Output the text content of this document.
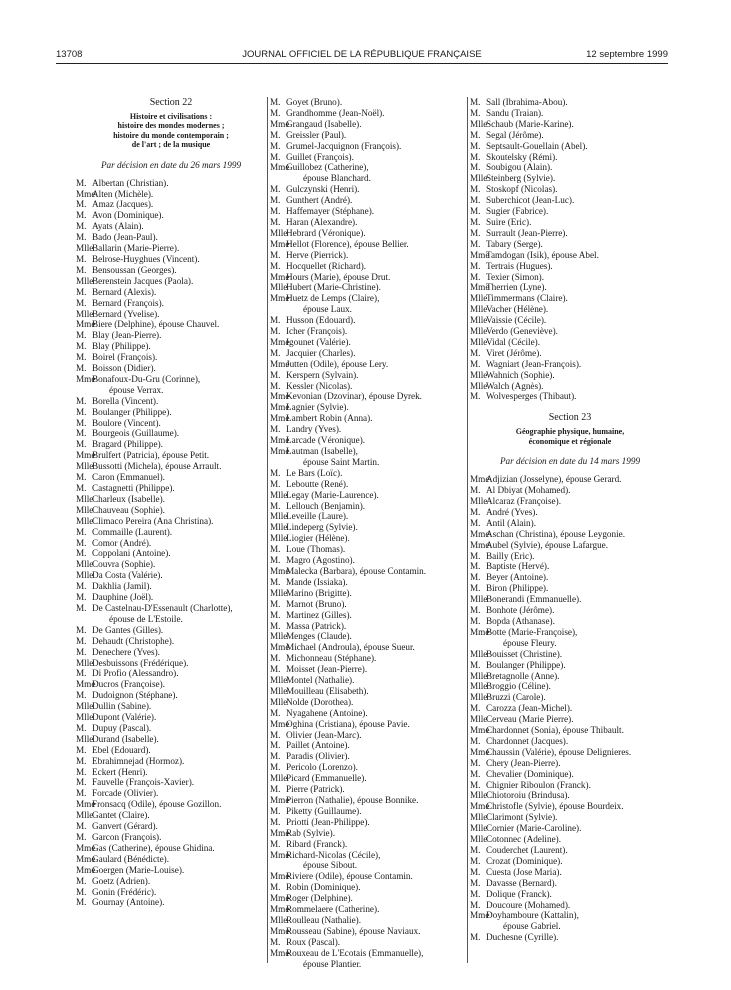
13708	JOURNAL OFFICIEL DE LA RÉPUBLIQUE FRANÇAISE	12 septembre 1999
Section 22
Histoire et civilisations :
histoire des mondes modernes ;
histoire du monde contemporain ;
de l'art ; de la musique
Par décision en date du 26 mars 1999
M. Albertan (Christian).
MmeAlten (Michèle).
M. Amaz (Jacques).
M. Avon (Dominique).
M. Ayats (Alain).
M. Bado (Jean-Paul).
MlleBallarin (Marie-Pierre).
M. Belrose-Huyghues (Vincent).
M. Bensoussan (Georges).
MlleBerenstein Jacques (Paola).
M. Bernard (Alexis).
M. Bernard (François).
MlleBernard (Yvelise).
MmeBiere (Delphine), épouse Chauvel.
M. Blay (Jean-Pierre).
M. Blay (Philippe).
M. Boirel (François).
M. Boisson (Didier).
MmeBonafoux-Du-Gru (Corinne),
épouse Verrax.
M. Borella (Vincent).
M. Boulanger (Philippe).
M. Boulore (Vincent).
M. Bourgeois (Guillaume).
M. Bragard (Philippe).
MmeBrulfert (Patricia), épouse Petit.
MlleBussotti (Michela), épouse Arrault.
M. Caron (Emmanuel).
M. Castagnetti (Philippe).
MlleCharleux (Isabelle).
MlleChauveau (Sophie).
MlleClimaco Pereira (Ana Christina).
M. Commaille (Laurent).
M. Comor (André).
M. Coppolani (Antoine).
MlleCouvra (Sophie).
MlleDa Costa (Valérie).
M. Dakhlia (Jamil).
M. Dauphine (Joël).
M. De Castelnau-D'Essenault (Charlotte),
épouse de L'Estoile.
M. De Gantes (Gilles).
M. Dehaudt (Christophe).
M. Denechere (Yves).
MlleDesbuissons (Frédérique).
M. Di Profio (Alessandro).
MmeDucros (Françoise).
M. Dudoignon (Stéphane).
MlleDullin (Sabine).
MlleDupont (Valérie).
M. Dupuy (Pascal).
MlleDurand (Isabelle).
M. Ebel (Edouard).
M. Ebrahimnejad (Hormoz).
M. Eckert (Henri).
M. Fauvelle (François-Xavier).
M. Forcade (Olivier).
MmeFronsacq (Odile), épouse Gozillon.
MlleGantet (Claire).
M. Ganvert (Gérard).
M. Garcon (François).
MmeGas (Catherine), épouse Ghidina.
MmeGaulard (Bénédicte).
MmeGoergen (Marie-Louise).
M. Goetz (Adrien).
M. Gonin (Frédéric).
M. Gournay (Antoine).
M. Goyet (Bruno).
M. Grandhomme (Jean-Noël).
MmeGrangaud (Isabelle).
M. Greissler (Paul).
M. Grumel-Jacquignon (François).
M. Guillet (François).
MmeGuillobez (Catherine),
épouse Blanchard.
M. Gulczynski (Henri).
M. Gunthert (André).
M. Haffemayer (Stéphane).
M. Haran (Alexandre).
MlleHebrard (Véronique).
MmeHellot (Florence), épouse Bellier.
M. Herve (Pierrick).
M. Hocquellet (Richard).
MmeHours (Marie), épouse Drut.
MlleHubert (Marie-Christine).
MmeHuetz de Lemps (Claire),
épouse Laux.
M. Husson (Edouard).
M. Icher (François).
MmeIgounet (Valérie).
M. Jacquier (Charles).
MmeJutten (Odile), épouse Lery.
M. Kerspern (Sylvain).
M. Kessler (Nicolas).
MmeKevonian (Dzovinar), épouse Dyrek.
MmeLagnier (Sylvie).
MmeLambert Robin (Anna).
M. Landry (Yves).
MmeLarcade (Véronique).
MmeLautman (Isabelle),
épouse Saint Martin.
M. Le Bars (Loïc).
M. Leboutte (René).
MlleLegay (Marie-Laurence).
M. Lellouch (Benjamin).
MlleLeveille (Laure).
MlleLindeperg (Sylvie).
MlleLiogier (Hélène).
M. Loue (Thomas).
M. Magro (Agostino).
MmeMalecka (Barbara), épouse Contamin.
M. Mande (Issiaka).
MlleMarino (Brigitte).
M. Marnot (Bruno).
M. Martinez (Gilles).
M. Massa (Patrick).
MlleMenges (Claude).
MmeMichael (Androula), épouse Sueur.
M. Michonneau (Stéphane).
M. Moisset (Jean-Pierre).
MlleMontel (Nathalie).
MlleMouilleau (Elisabeth).
MlleNolde (Dorothea).
M. Nyagahene (Antoine).
MmeOghina (Cristiana), épouse Pavie.
M. Olivier (Jean-Marc).
M. Paillet (Antoine).
M. Paradis (Olivier).
M. Pericolo (Lorenzo).
MllePicard (Emmanuelle).
M. Pierre (Patrick).
MmePierron (Nathalie), épouse Bonnike.
M. Piketty (Guillaume).
M. Priotti (Jean-Philippe).
MmeRab (Sylvie).
M. Ribard (Franck).
MmeRichard-Nicolas (Cécile),
épouse Sibout.
MmeRiviere (Odile), épouse Contamin.
M. Robin (Dominique).
MmeRoger (Delphine).
MmeRommelaere (Catherine).
MlleRoulleau (Nathalie).
MmeRousseau (Sabine), épouse Naviaux.
M. Roux (Pascal).
MmeRouxeau de L'Ecotais (Emmanuelle),
épouse Plantier.
M. Sall (Ibrahima-Abou).
M. Sandu (Traian).
MlleSchaub (Marie-Karine).
M. Segal (Jérôme).
M. Septsault-Gouellain (Abel).
M. Skoutelsky (Rémi).
M. Soubigou (Alain).
MlleSteinberg (Sylvie).
M. Stoskopf (Nicolas).
M. Suberchicot (Jean-Luc).
M. Sugier (Fabrice).
M. Suire (Eric).
M. Surrault (Jean-Pierre).
M. Tabary (Serge).
MmeTamdogan (Isik), épouse Abel.
M. Tertrais (Hugues).
M. Texier (Simon).
MmeTherrien (Lyne).
MlleTimmermans (Claire).
MlleVacher (Hélène).
MlleVaissie (Cécile).
MlleVerdo (Geneviève).
MlleVidal (Cécile).
M. Viret (Jérôme).
M. Wagniart (Jean-François).
MlleWahnich (Sophie).
MlleWalch (Agnès).
M. Wolvesperges (Thibaut).
Section 23
Géographie physique, humaine,
économique et régionale
Par décision en date du 14 mars 1999
MmeAdjizian (Josselyne), épouse Gerard.
M. Al Dbiyat (Mohamed).
MlleAlcaraz (Françoise).
M. André (Yves).
M. Antil (Alain).
MmeAschan (Christina), épouse Leygonie.
MmeAubel (Sylvie), épouse Lafargue.
M. Bailly (Eric).
M. Baptiste (Hervé).
M. Beyer (Antoine).
M. Biron (Philippe).
MlleBonerandi (Emmanuelle).
M. Bonhote (Jérôme).
M. Bopda (Athanase).
MmeBotte (Marie-Françoise),
épouse Fleury.
MlleBouisset (Christine).
M. Boulanger (Philippe).
MlleBretagnolle (Anne).
MlleBroggio (Céline).
MlleBruzzi (Carole).
M. Carozza (Jean-Michel).
MlleCerveau (Marie Pierre).
MmeChardonnet (Sonia), épouse Thibault.
M. Chardonnet (Jacques).
MmeChaussin (Valérie), épouse Delignieres.
M. Chery (Jean-Pierre).
M. Chevalier (Dominique).
M. Chignier Riboulon (Franck).
MlleChiotoroiu (Brindusa).
MmeChristofle (Sylvie), épouse Bourdeix.
MlleClarimont (Sylvie).
MlleCornier (Marie-Caroline).
MlleCotonnec (Adeline).
M. Couderchet (Laurent).
M. Crozat (Dominique).
M. Cuesta (Jose Maria).
M. Davasse (Bernard).
M. Dolique (Franck).
M. Doucoure (Mohamed).
MmeDoyhamboure (Kattalin),
épouse Gabriel.
M. Duchesne (Cyrille).
